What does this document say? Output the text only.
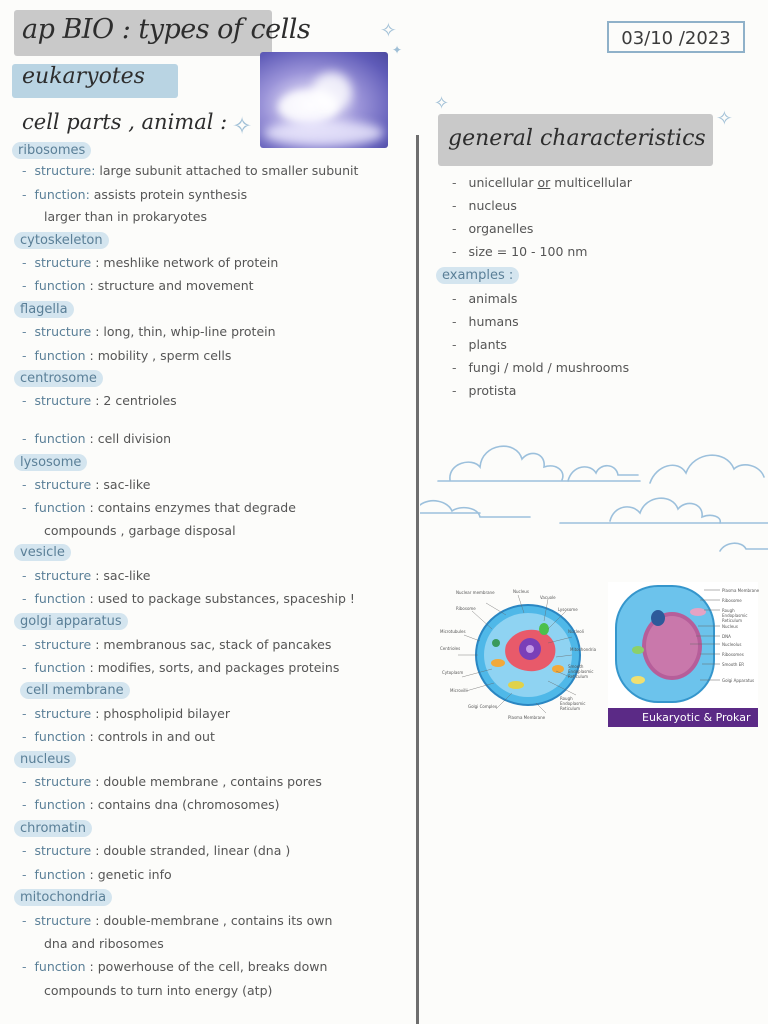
ap BIO : types of cells	03/10 /2023
eukaryotes
✧
✧
✧
✧
✦
cell parts , animal :
ribosomes
- structure: large subunit attached to smaller subunit
- function: assists protein synthesis
larger than in prokaryotes
cytoskeleton
- structure : meshlike network of protein
- function : structure and movement
flagella
- structure : long, thin, whip-line protein
- function : mobility , sperm cells
centrosome
- structure : 2 centrioles
- function : cell division
lysosome
- structure : sac-like
- function : contains enzymes that degrade
compounds , garbage disposal
vesicle
- structure : sac-like
- function : used to package substances, spaceship !
golgi apparatus
- structure : membranous sac, stack of pancakes
- function : modifies, sorts, and packages proteins
cell membrane
- structure : phospholipid bilayer
- function : controls in and out
nucleus
- structure : double membrane , contains pores
- function : contains dna (chromosomes)
chromatin
- structure : double stranded, linear (dna )
- function : genetic info
mitochondria
- structure : double-membrane , contains its own
dna and ribosomes
- function : powerhouse of the cell, breaks down
compounds to turn into energy (atp)
general characteristics
- unicellular or multicellular
- nucleus
- organelles
- size = 10 - 100 nm
examples :
- animals
- humans
- plants
- fungi / mold / mushrooms
- protista
Nuclear membrane	Nucleus
Vacuole
Ribosome	Lysosome
Microtubules	Nucleoli
Centrioles	Mitochondria
Smooth Endoplasmic Reticulum
Cytoplasm
Microvilli
Rough Endoplasmic Reticulum
Golgi Complex
Plasma Membrane
Plasma Membrane
Ribosome
Rough Endoplasmic Reticulum
Nucleus
DNA
Nucleolus
Ribosomes
Smooth ER
Golgi Apparatus
Eukaryotic & Prokar
